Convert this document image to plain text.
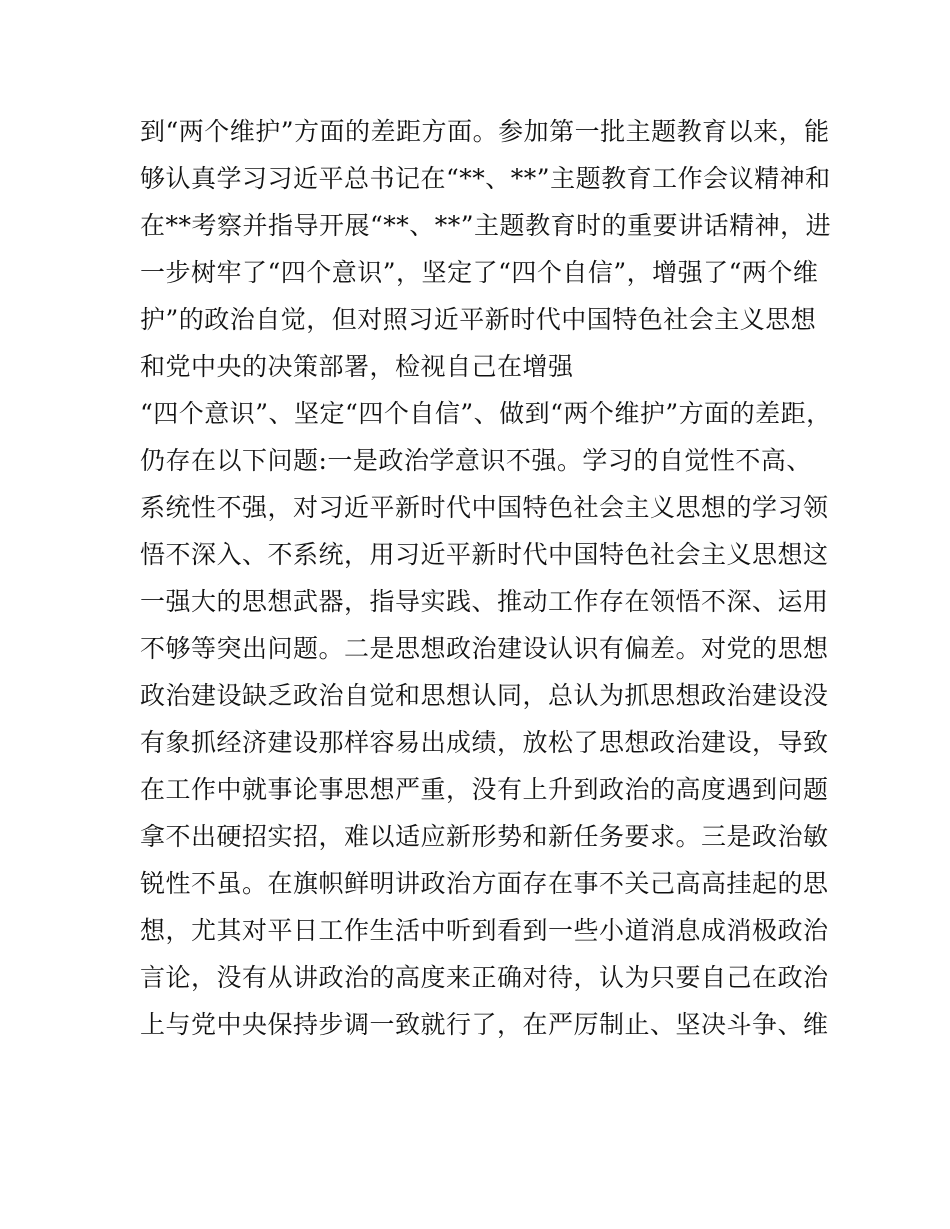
到“两个维护”方面的差距方面。参加第一批主题教育以来，能
够认真学习习近平总书记在“**、**”主题教育工作会议精神和
在**考察并指导开展“**、**”主题教育时的重要讲话精神，进
一步树牢了“四个意识”，坚定了“四个自信”，增强了“两个维
护”的政治自觉，但对照习近平新时代中国特色社会主义思想
和党中央的决策部署，检视自己在增强
“四个意识”、坚定“四个自信”、做到“两个维护”方面的差距，
仍存在以下问题:一是政治学意识不强。学习的自觉性不高、
系统性不强，对习近平新时代中国特色社会主义思想的学习领
悟不深入、不系统，用习近平新时代中国特色社会主义思想这
一强大的思想武器，指导实践、推动工作存在领悟不深、运用
不够等突出问题。二是思想政治建设认识有偏差。对党的思想
政治建设缺乏政治自觉和思想认同，总认为抓思想政治建设没
有象抓经济建设那样容易出成绩，放松了思想政治建设，导致
在工作中就事论事思想严重，没有上升到政治的高度遇到问题
拿不出硬招实招，难以适应新形势和新任务要求。三是政治敏
锐性不虽。在旗帜鲜明讲政治方面存在事不关己高高挂起的思
想，尤其对平日工作生活中听到看到一些小道消息成消极政治
言论，没有从讲政治的高度来正确对待，认为只要自己在政治
上与党中央保持步调一致就行了，在严厉制止、坚决斗争、维
